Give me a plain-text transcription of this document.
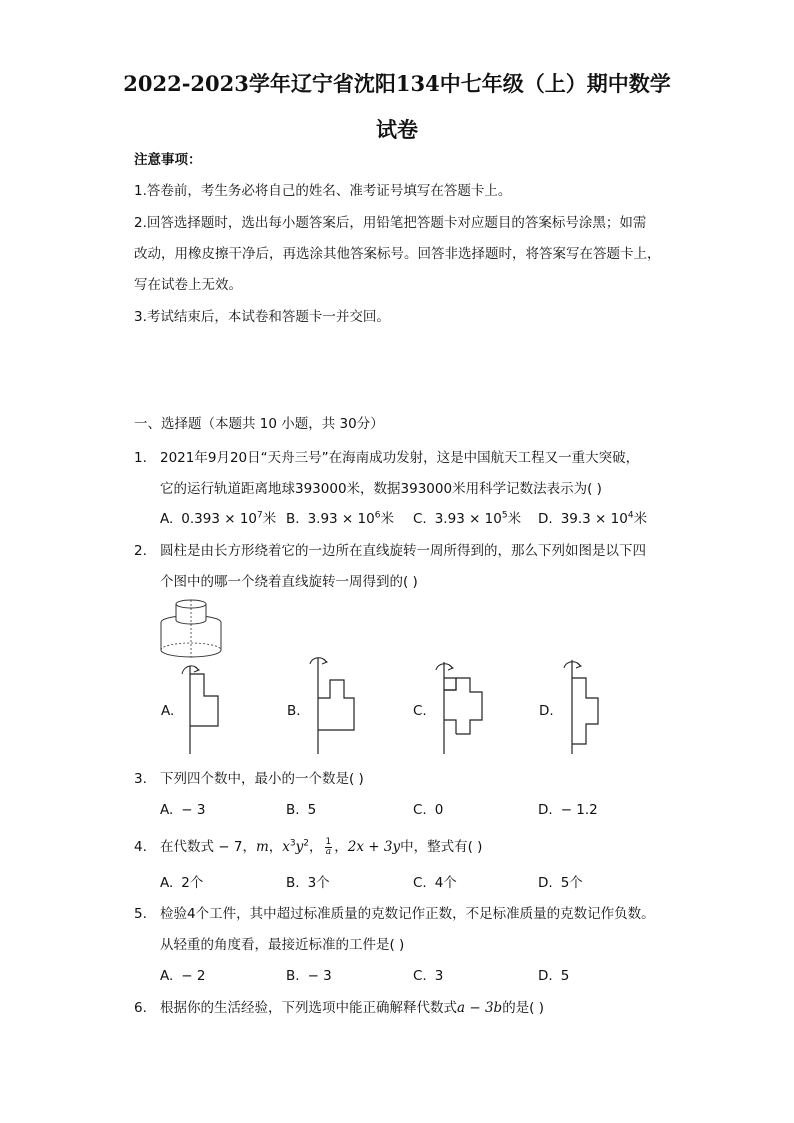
2022-2023学年辽宁省沈阳134中七年级（上）期中数学
试卷
注意事项：
1.答卷前，考生务必将自己的姓名、准考证号填写在答题卡上。
2.回答选择题时，选出每小题答案后，用铅笔把答题卡对应题目的答案标号涂黑；如需
改动，用橡皮擦干净后，再选涂其他答案标号。回答非选择题时，将答案写在答题卡上，
写在试卷上无效。
3.考试结束后，本试卷和答题卡一并交回。
一、选择题（本题共 10 小题，共 30分）
1. 2021年9月20日“天舟三号”在海南成功发射，这是中国航天工程又一重大突破，
它的运行轨道距离地球393000米，数据393000米用科学记数法表示为( )
A. $0.393 \times 10^7$米 B. $3.93 \times 10^6$米 C. $3.93 \times 10^5$米 D. $39.3 \times 10^4$米
2. 圆柱是由长方形绕着它的一边所在直线旋转一周所得到的，那么下列如图是以下四
个图中的哪一个绕着直线旋转一周得到的( )
A.	B.	C.	D.
3. 下列四个数中，最小的一个数是( )
A. − 3	B. 5	C. 0	D. − 1.2
4. 在代数式 − 7，m，$x^3y^2$， $\frac{1}{a}$ ，2x + 3y中，整式有( )
A. 2个	B. 3个	C. 4个	D. 5个
5. 检验4个工件，其中超过标准质量的克数记作正数，不足标准质量的克数记作负数。
从轻重的角度看，最接近标准的工件是( )
A. − 2	B. − 3	C. 3	D. 5
6. 根据你的生活经验，下列选项中能正确解释代数式a − 3b的是( )
